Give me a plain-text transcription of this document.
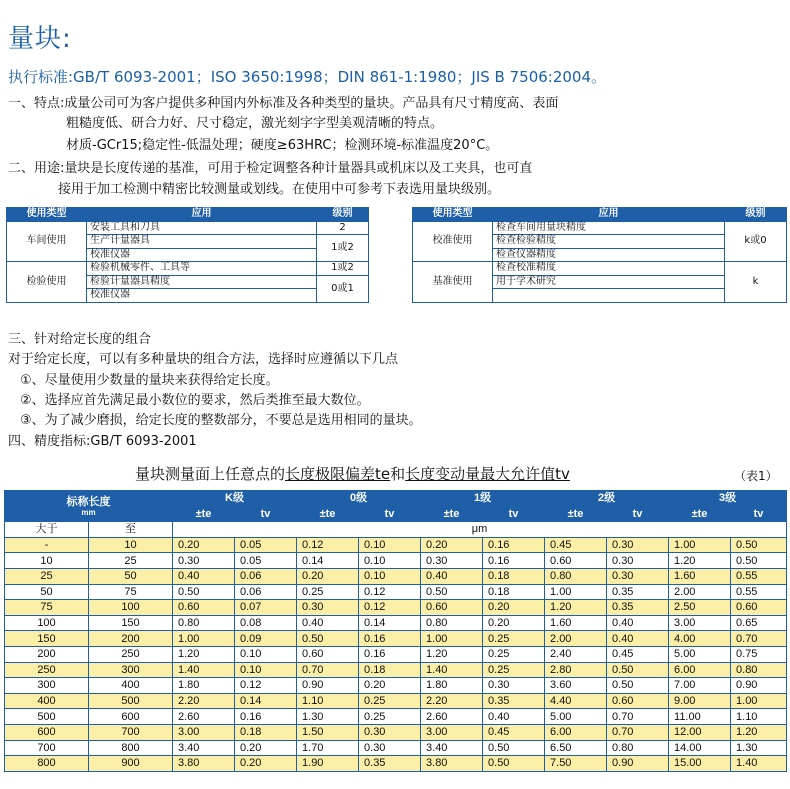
量块:
执行标准:GB/T 6093-2001；ISO 3650:1998；DIN 861-1:1980；JIS B 7506:2004。
一、特点:成量公司可为客户提供多种国内外标准及各种类型的量块。产品具有尺寸精度高、表面
粗糙度低、研合力好、尺寸稳定，激光刻字字型美观清晰的特点。
材质-GCr15;稳定性-低温处理；硬度≥63HRC；检测环境-标准温度20°C。
二、用途:量块是长度传递的基准，可用于检定调整各种计量器具或机床以及工夹具，也可直
接用于加工检测中精密比较测量或划线。在使用中可参考下表选用量块级别。
使用类型	应用	级别
车间使用	安装工具和刀具	2
	生产计量器具	1或2
	校准仪器	
检验使用	检验机械零件、工具等	1或2
	检验计量器具精度	0或1
	校准仪器	
使用类型	应用	级别
校准使用	检查车间用量块精度	k或0
	检查检验精度	
	检查仪器精度	
基准使用	检查校准精度	k
	用于学术研究	

三、针对给定长度的组合
对于给定长度，可以有多种量块的组合方法，选择时应遵循以下几点
①、尽量使用少数量的量块来获得给定长度。
②、选择应首先满足最小数位的要求，然后类推至最大数位。
③、为了减少磨损，给定长度的整数部分，不要总是选用相同的量块。
四、精度指标:GB/T 6093-2001
量块测量面上任意点的长度极限偏差te和长度变动量最大允许值tv	（表1）
标称长度
mm		K级		0级		1级		2级		3级	
		±te	tv	±te	tv	±te	tv	±te	tv	±te	tv
大于	至	μm									
-	10	0.20	0.05	0.12	0.10	0.20	0.16	0.45	0.30	1.00	0.50
10	25	0.30	0.05	0.14	0.10	0.30	0.16	0.60	0.30	1.20	0.50
25	50	0.40	0.06	0.20	0.10	0.40	0.18	0.80	0.30	1.60	0.55
50	75	0.50	0.06	0.25	0.12	0.50	0.18	1.00	0.35	2.00	0.55
75	100	0.60	0.07	0.30	0.12	0.60	0.20	1.20	0.35	2.50	0.60
100	150	0.80	0.08	0.40	0.14	0.80	0.20	1.60	0.40	3.00	0.65
150	200	1.00	0.09	0.50	0.16	1.00	0.25	2.00	0.40	4.00	0.70
200	250	1.20	0.10	0.60	0.16	1.20	0.25	2.40	0.45	5.00	0.75
250	300	1.40	0.10	0.70	0.18	1.40	0.25	2.80	0.50	6.00	0.80
300	400	1.80	0.12	0.90	0.20	1.80	0.30	3.60	0.50	7.00	0.90
400	500	2.20	0.14	1.10	0.25	2.20	0.35	4.40	0.60	9.00	1.00
500	600	2.60	0.16	1.30	0.25	2.60	0.40	5.00	0.70	11.00	1.10
600	700	3.00	0.18	1.50	0.30	3.00	0.45	6.00	0.70	12.00	1.20
700	800	3.40	0.20	1.70	0.30	3.40	0.50	6.50	0.80	14.00	1.30
800	900	3.80	0.20	1.90	0.35	3.80	0.50	7.50	0.90	15.00	1.40
